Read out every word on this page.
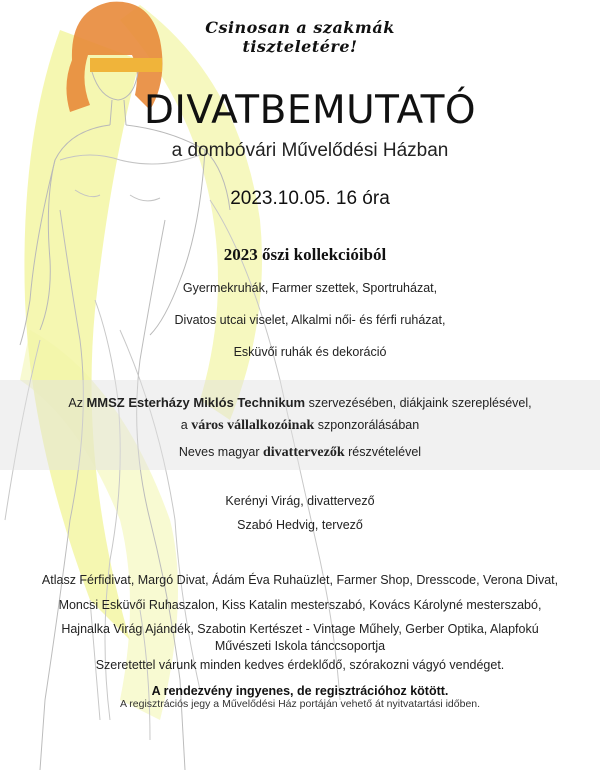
Csinosan a szakmák tiszteletére!
DIVATBEMUTATÓ
a dombóvári Művelődési Házban
2023.10.05. 16 óra
2023 őszi kollekcióiból
Gyermekruhák, Farmer szettek, Sportruházat,
Divatos utcai viselet, Alkalmi női- és férfi ruházat,
Esküvői ruhák és dekoráció
Az MMSZ Esterházy Miklós Technikum szervezésében, diákjaink szereplésével,
a város vállalkozóinak szponzorálásában
Neves magyar divattervezők részvételével
Kerényi Virág, divattervező
Szabó Hedvig, tervező
Atlasz Férfidivat, Margó Divat, Ádám Éva Ruhaüzlet, Farmer Shop, Dresscode, Verona Divat,
Moncsi Esküvői Ruhaszalon, Kiss Katalin mesterszabó, Kovács Károlyné mesterszabó,
Hajnalka Virág Ajándék, Szabotin Kertészet - Vintage Műhely, Gerber Optika, Alapfokú
Művészeti Iskola tánccsoportja
Szeretettel várunk minden kedves érdeklődő, szórakozni vágyó vendéget.
A rendezvény ingyenes, de regisztrációhoz kötött.
A regisztrációs jegy a Művelődési Ház portáján vehető át nyitvatartási időben.
